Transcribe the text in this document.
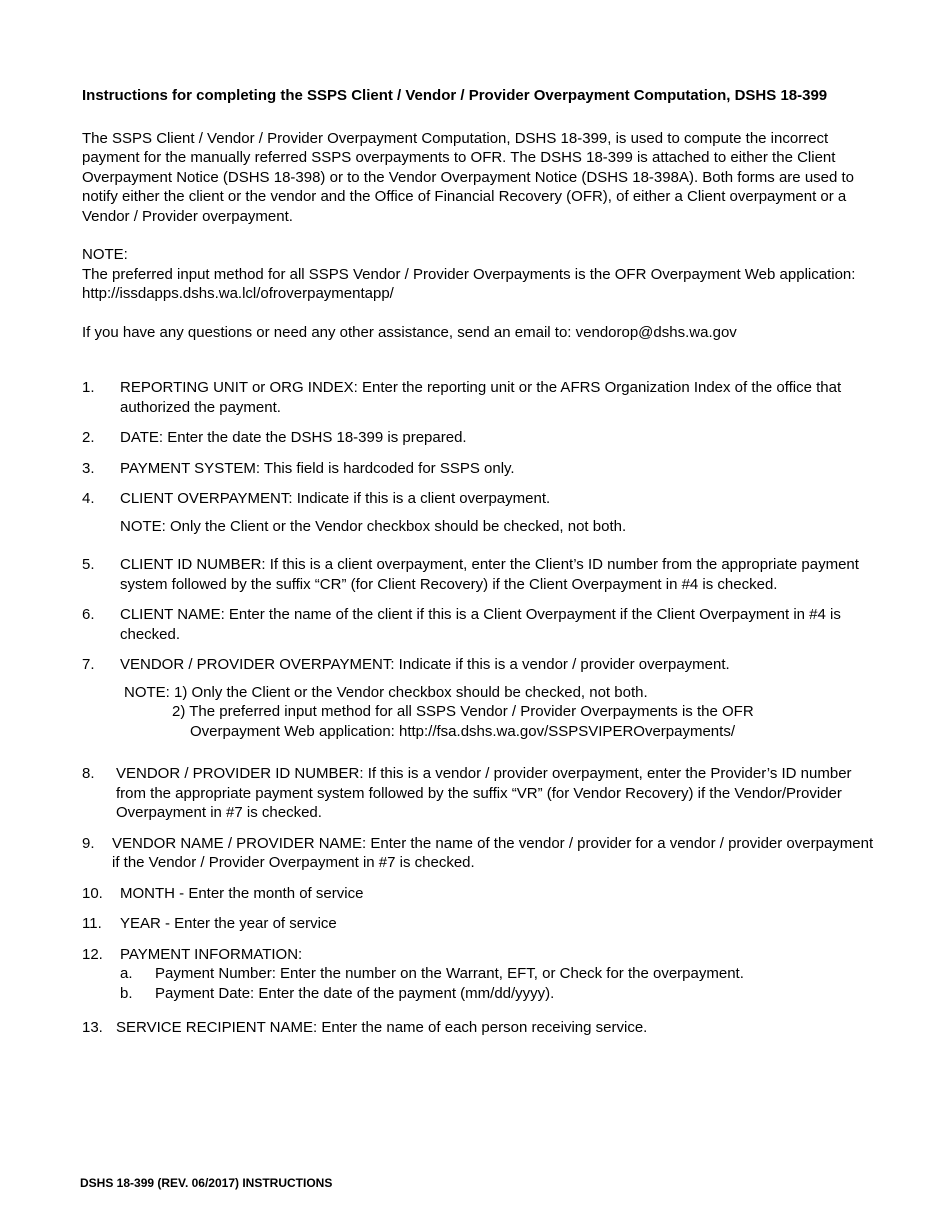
Instructions for completing the SSPS Client / Vendor / Provider Overpayment Computation, DSHS 18-399

The SSPS Client / Vendor / Provider Overpayment Computation, DSHS 18-399, is used to compute the incorrect payment for the manually referred SSPS overpayments to OFR. The DSHS 18-399 is attached to either the Client Overpayment Notice (DSHS 18-398) or to the Vendor Overpayment Notice (DSHS 18-398A). Both forms are used to notify either the client or the vendor and the Office of Financial Recovery (OFR), of either a Client overpayment or a Vendor / Provider overpayment.

NOTE:

The preferred input method for all SSPS Vendor / Provider Overpayments is the OFR Overpayment Web application: http://issdapps.dshs.wa.lcl/ofroverpaymentapp/

If you have any questions or need any other assistance, send an email to: vendorop@dshs.wa.gov

1.	REPORTING UNIT or ORG INDEX: Enter the reporting unit or the AFRS Organization Index of the office that authorized the payment.
2.	DATE: Enter the date the DSHS 18-399 is prepared.
3.	PAYMENT SYSTEM: This field is hardcoded for SSPS only.
4.	CLIENT OVERPAYMENT: Indicate if this is a client overpayment.

NOTE: Only the Client or the Vendor checkbox should be checked, not both.

5.	CLIENT ID NUMBER: If this is a client overpayment, enter the Client’s ID number from the appropriate payment system followed by the suffix “CR” (for Client Recovery) if the Client Overpayment in #4 is checked.
6.	CLIENT NAME: Enter the name of the client if this is a Client Overpayment if the Client Overpayment in #4 is checked.
7.	VENDOR / PROVIDER OVERPAYMENT: Indicate if this is a vendor / provider overpayment.
NOTE: 1) Only the Client or the Vendor checkbox should be checked, not both.
2) The preferred input method for all SSPS Vendor / Provider Overpayments is the OFR
Overpayment Web application: http://fsa.dshs.wa.gov/SSPSVIPEROverpayments/
8.	VENDOR / PROVIDER ID NUMBER: If this is a vendor / provider overpayment, enter the Provider’s ID number from the appropriate payment system followed by the suffix “VR” (for Vendor Recovery) if the Vendor/Provider Overpayment in #7 is checked.
9.	VENDOR NAME / PROVIDER NAME: Enter the name of the vendor / provider for a vendor / provider overpayment if the Vendor / Provider Overpayment in #7 is checked.
10.	MONTH - Enter the month of service
11.	YEAR - Enter the year of service
12.	PAYMENT INFORMATION:
a.	Payment Number: Enter the number on the Warrant, EFT, or Check for the overpayment.
b.	Payment Date: Enter the date of the payment (mm/dd/yyyy).
13. SERVICE RECIPIENT NAME: Enter the name of each person receiving service.
DSHS 18-399 (REV. 06/2017) INSTRUCTIONS
